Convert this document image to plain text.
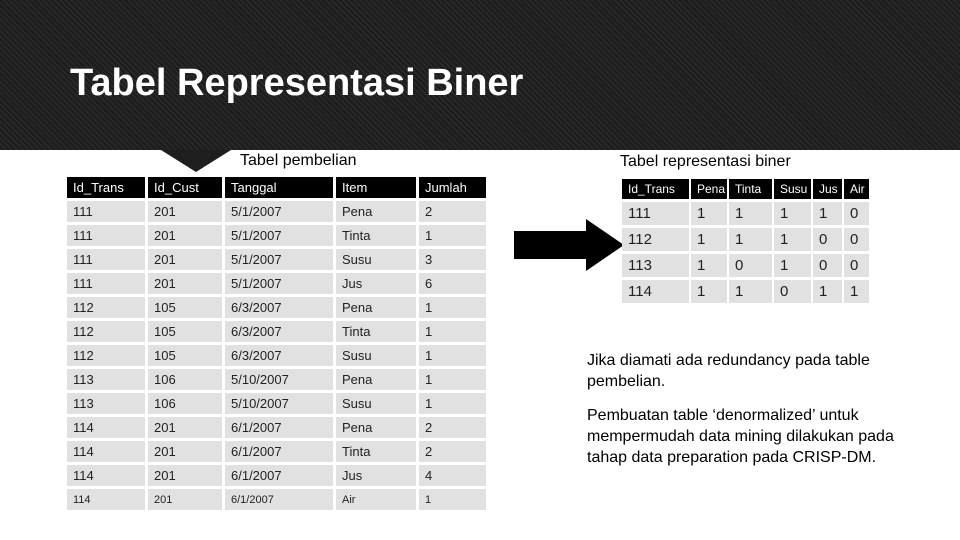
Tabel Representasi Biner
Tabel pembelian	Tabel representasi biner
Id_Trans	Id_Cust	Tanggal	Item	Jumlah
111	201	5/1/2007	Pena	2
111	201	5/1/2007	Tinta	1
111	201	5/1/2007	Susu	3
111	201	5/1/2007	Jus	6
112	105	6/3/2007	Pena	1
112	105	6/3/2007	Tinta	1
112	105	6/3/2007	Susu	1
113	106	5/10/2007	Pena	1
113	106	5/10/2007	Susu	1
114	201	6/1/2007	Pena	2
114	201	6/1/2007	Tinta	2
114	201	6/1/2007	Jus	4
114	201	6/1/2007	Air	1
Id_Trans	Pena	Tinta	Susu	Jus	Air
111	1	1	1	1	0
112	1	1	1	0	0
113	1	0	1	0	0
114	1	1	0	1	1

Jika diamati ada redundancy pada table pembelian.

Pembuatan table ‘denormalized’ untuk mempermudah data mining dilakukan pada tahap data preparation pada CRISP-DM.
